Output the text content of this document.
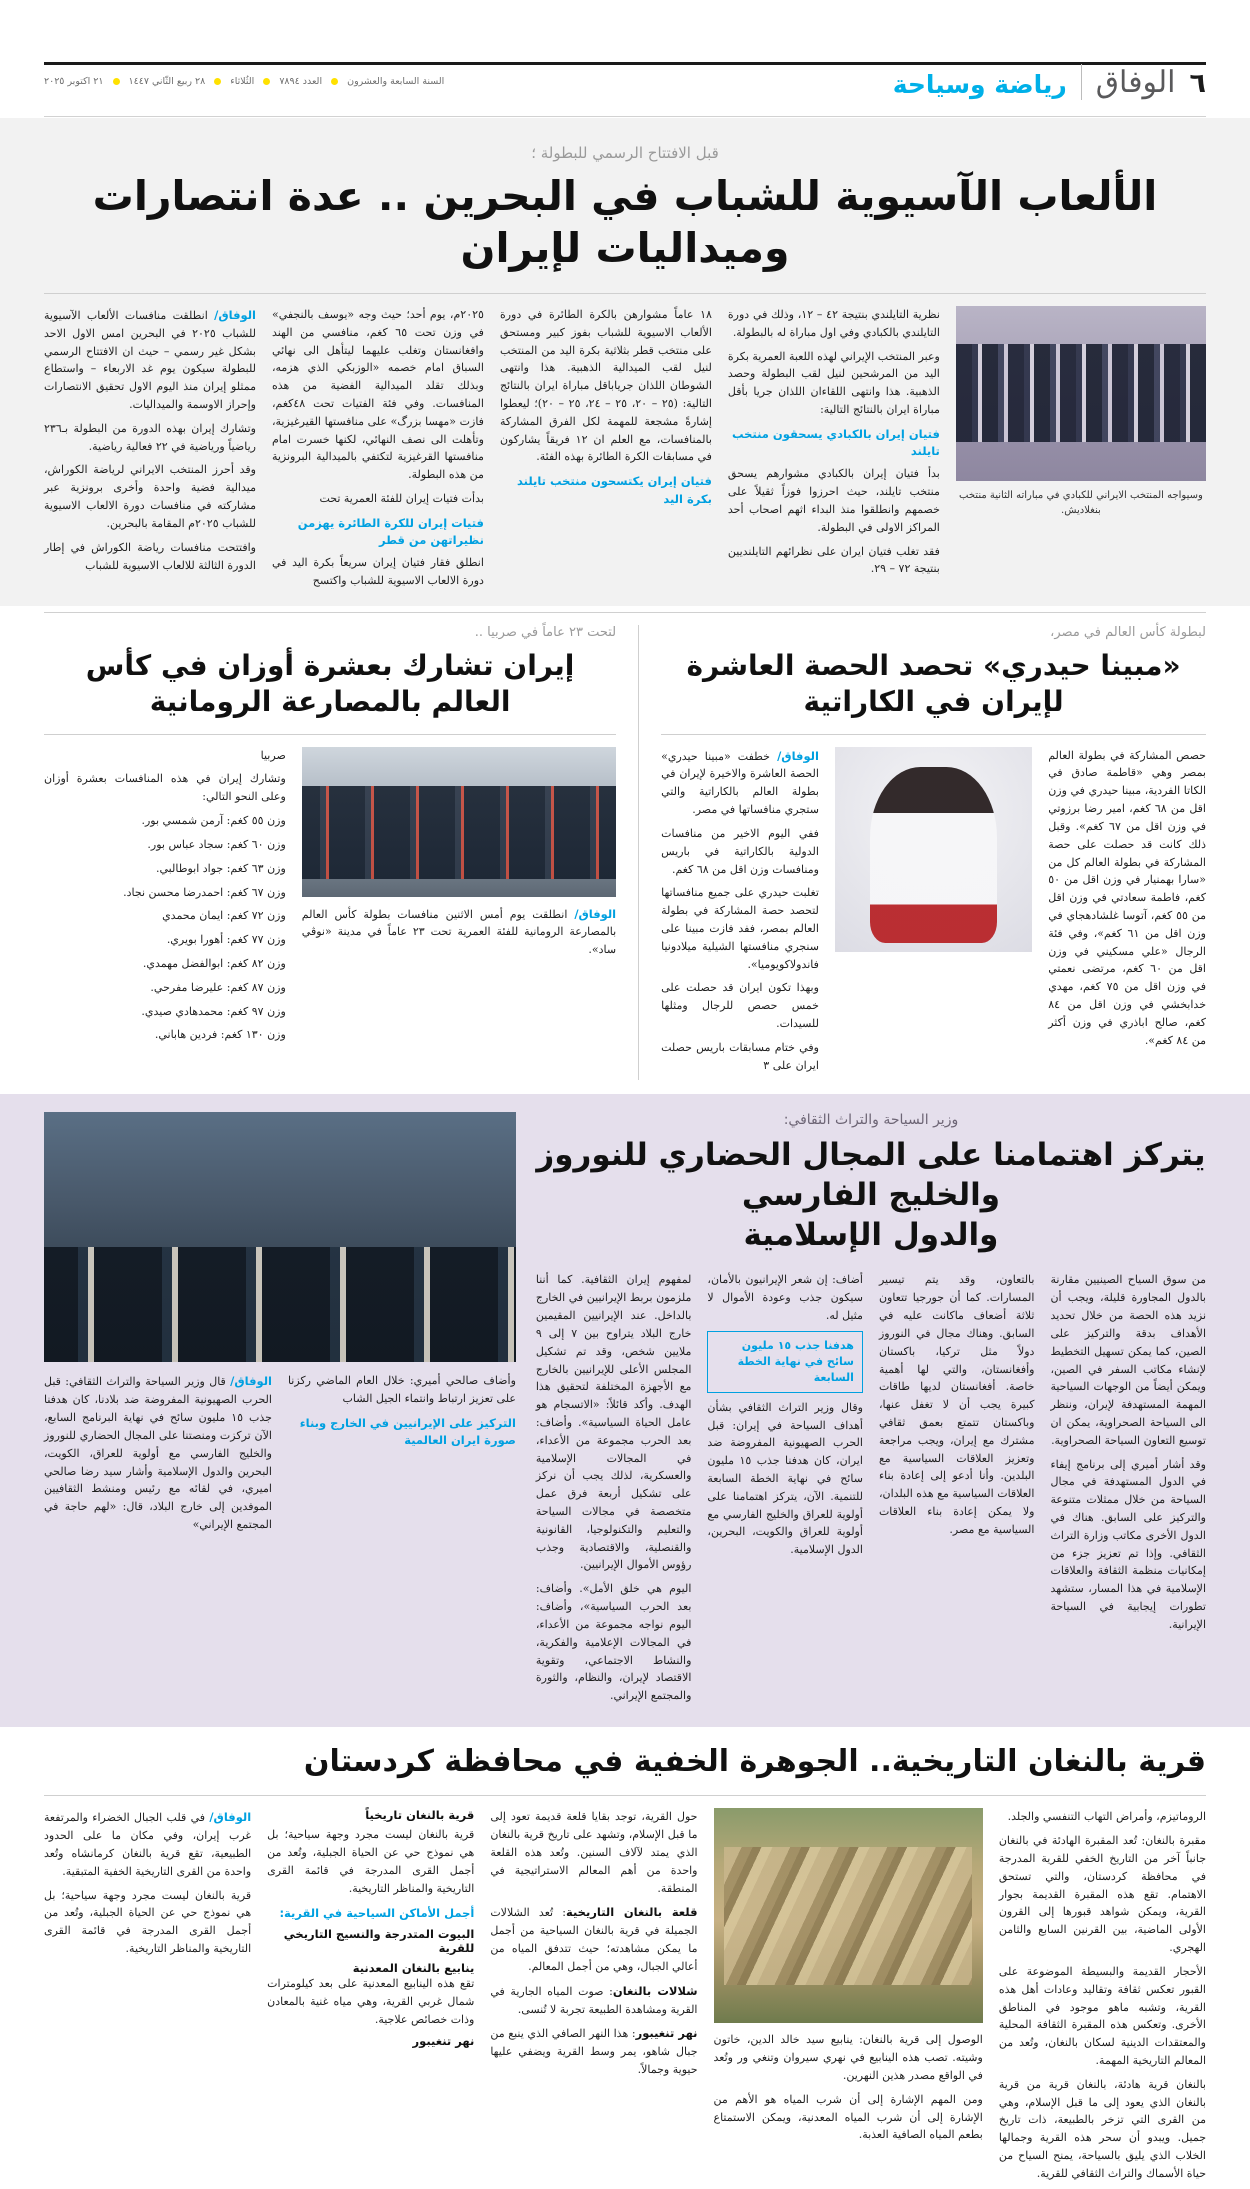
٦
الوفاق
رياضة وسياحة
السنة السابعة والعشرون
العدد ٧٨٩٤
الثُلاثاء
٢٨ ربيع الثّاني ١٤٤٧
٢١ اكتوبر ٢٠٢٥
قبل الافتتاح الرسمي للبطولة ؛
الألعاب الآسيوية للشباب في البحرين .. عدة انتصارات وميداليات لإيران
وسيواجه المنتخب الايراني للكبادي في مباراته الثانية منتخب بنغلادیش.
نظرية التايلندي بنتيجة ٤٢ – ١٢، وذلك في دورة التايلندي بالكبادي وفي اول مباراة له بالبطولة.
وعبر المنتخب الإيراني لهذه اللعبة العمرية بكرة اليد من المرشحين لنيل لقب البطولة وحصد الذهبية. هذا وانتهى اللقاءان اللذان جريا بأقل مباراة ايران بالنتائج التالية:
فتيان إيران بالكبادي يسحقون منتخب تايلند
بدأ فتيان إيران بالكبادي مشوارهم يسحق منتخب تايلند، حيث احرزوا فوزاً ثقيلاً على خصمهم وانطلقوا منذ البداء اثهم اصحاب أحد المراكز الاولى في البطولة.
فقد تغلب فتيان ايران على نظرائهم التايلنديين بنتيجة ٧٢ – ٢٩.
١٨ عاماً مشوارهن بالكرة الطائرة في دورة الألعاب الاسيوية للشباب بفوز كبير ومستحق على منتخب قطر بثلاثية بكرة اليد من المنتخب لنيل لقب الميدالية الذهبية. هذا وانتهى الشوطان اللذان جرياباقل مباراة ايران بالنتائج التالية: (٢٥ – ٢٠، ٢٥ – ٢٤، ٢٥ – ٢٠)؛ ليعطوا إشارةً مشجعة للمهمة لكل الفرق المشاركة بالمنافسات، مع العلم ان ١٢ فريقاً يشارکون في مسابقات الكرة الطائرة بهذه الفئة.
فتيان إيران يكتسحون منتخب تايلند بكرة اليد
٢٠٢٥م، يوم أحد؛ حيث وجه «يوسف بالنجفي» في وزن تحت ٦٥ كغم، منافسي من الهند وافغانستان وتغلب عليهما ليتأهل الى نهائي السباق امام خصمه «الوزبكي الذي هزمه، وبذلك تقلد الميدالية الفضية من هذه المنافسات. وفي فئة الفتيات تحت ٤٨كغم، فازت «مهسا بزرگ» على منافستها القيرغيزية، وتأهلت الى نصف النهائي، لكنها خسرت امام منافستها القرغيزية لتكتفي بالميدالية البرونزية من هذه البطولة.
بدأت فتيات إيران للفئة العمرية تحت
فتيات إيران للكرة الطائرة يهزمن نظيراتهن من قطر
انطلق فقار فتيان إيران سريعاً بكرة اليد في دورة الالعاب الاسيوية للشباب واكتسح
الوفاق/ انطلقت منافسات الألعاب الآسيوية للشباب ٢٠٢٥ في البحرين امس الاول الاحد بشكل غير رسمي – حيث ان الافتتاح الرسمي للبطولة سيكون يوم غد الاربعاء – واستطاع ممثلو إيران منذ اليوم الاول تحقيق الانتصارات وإحراز الاوسمة والميداليات.
وتشارك إيران بهذه الدورة من البطولة بـ٢٣٦ رياضياً ورياضية في ٢٢ فعالية رياضية.
وقد أحرز المنتخب الايراني لرياضة الكوراش، ميدالية فضية واحدة وأخرى برونزية عبر مشاركته في منافسات دورة الالعاب الاسيوية للشباب ٢٠٢٥م المقامة بالبحرين.
وافتتحت منافسات رياضة الكوراش في إطار الدورة الثالثة للالعاب الاسيوية للشباب
لبطولة كأس العالم في مصر،
«مبينا حيدري» تحصد الحصة العاشرة لإيران في الكاراتية
حصص المشاركة في بطولة العالم بمصر وهي «قاطمة صادق في الكاتا الفردية، مبينا حيدري في وزن اقل من ٦٨ كغم، امیر رضا برزوتي في وزن اقل من ٦٧ كغم». وقبل ذلك كانت قد حصلت على حصة المشاركة في بطولة العالم كل من «سارا بهمنيار في وزن اقل من ٥٠ كغم، فاطمة سعادتي في وزن اقل من ٥٥ كغم، آتوسا غلشادهجاي في وزن اقل من ٦١ كغم»، وفي فئة الرجال «علي مسكيني في وزن اقل من ٦٠ كغم، مرتضى نعمتي في وزن اقل من ٧٥ كغم، مهدي خدابخشي في وزن اقل من ٨٤ كغم، صالح اباذري في وزن أكثر من ٨٤ كغم».
الوفاق/ خطفت «مبينا حيدري» الحصة العاشرة والاخيرة لإيران في بطولة العالم بالكاراتية والتي ستجري منافساتها في مصر.
ففي اليوم الاخير من منافسات الدولية بالكاراتية في باريس ومنافسات وزن اقل من ٦٨ كغم.
تغلبت حيدري على جميع منافساتها لتحصد حصة المشاركة في بطولة العالم بمصر، ففد فازت مبينا على سنجري منافستها الشيلية ميلادونيا فاندولاكويوميا».
وبهذا تكون ايران قد حصلت على خمس حصص للرجال ومثلها للسيدات.
وفي ختام مسابقات باريس حصلت ايران على ٣
لتحت ٢٣ عاماً في صربيا ..
إيران تشارك بعشرة أوزان في كأس العالم بالمصارعة الرومانية
الوفاق/ انطلقت يوم أمس الاثنين منافسات بطولة كأس العالم بالمصارعة الرومانية للفئة العمرية تحت ٢٣ عاماً في مدينة «نوڤي ساد».
صربيا
وتشارك إيران في هذه المنافسات بعشرة أوزان وعلى النحو التالي:
وزن ٥٥ كغم: آرمن شمسي بور.
وزن ٦٠ كغم: سجاد عباس بور.
وزن ٦٣ كغم: جواد ابوطالبي.
وزن ٦٧ كغم: احمدرضا محسن نجاد.
وزن ٧٢ كغم: ايمان محمدي
وزن ٧٧ كغم: أهورا بويري.
وزن ٨٢ كغم: ابوالفضل مهمدي.
وزن ٨٧ كغم: علیرضا مفرحي.
وزن ٩٧ كغم: محمدهادي صیدي.
وزن ١٣٠ كغم: فردین هاباني.
وزير السياحة والتراث الثقافي:
يتركز اهتمامنا على المجال الحضاري للنوروز والخليج الفارسي
والدول الإسلامية
من سوق السياح الصينيين مقارنة بالدول المجاورة قليلة، ويجب أن نزيد هذه الحصة من خلال تحديد الأهداف بدقة والتركيز على الصين، كما يمكن تسهيل التخطيط لإنشاء مكاتب السفر في الصين، ويمكن أيضاً من الوجهات السياحية المهمة المستهدفة لإيران، وننظر الى السياحة الصحراوية، يمكن ان توسيع التعاون السياحة الصحراوية.
وقد أشار أميري إلى برنامج إيفاء في الدول المستهدفة في مجال السياحة من خلال ممثلات متنوعة والتركيز على السابق. هناك في الدول الأخرى مكاتب وزارة التراث الثقافي. وإذا تم تعزيز جزء من إمكانيات منظمة الثقافة والعلاقات الإسلامية في هذا المسار، ستشهد تطورات إيجابية في السياحة الإيرانية.
بالتعاون، وقد يتم تيسير المسارات. كما أن جورجيا تتعاون ثلاثة أضعاف ماكانت عليه في السابق. وهناك مجال في النوروز دولاً مثل تركيا، باكستان وأفغانستان، والتي لها أهمية خاصة. أفغانستان لديها طاقات كبيرة يجب أن لا تغفل عنها، وباكستان تتمتع بعمق ثقافي مشترك مع إيران، ويجب مراجعة وتعزيز العلاقات السياسية مع البلدين. وأنا أدعو إلى إعادة بناء العلاقات السياسية مع هذه البلدان، ولا يمكن إعادة بناء العلاقات السياسية مع مصر.
أضاف: إن شعر الإيرانيون بالأمان، سيكون جذب وعودة الأموال لا مثيل له.
هدفنا جذب ١٥ مليون سائح في نهاية الخطة السابعة
وقال وزير التراث الثقافي بشأن أهداف السياحة في إيران: قبل الحرب الصهيونية المفروضة ضد ايران، كان هدفنا جذب ١٥ مليون سائح في نهاية الخطة السابعة للتنمية. الآن، يتركز اهتمامنا على أولوية للعراق والخليج الفارسي مع أولوية للعراق والكويت، البحرين، الدول الإسلامية.
لمفهوم إيران الثقافية. كما أننا ملزمون بربط الإيرانيين في الخارج بالداخل. عند الإيرانيين المقيمين خارج البلاد يتراوح بين ٧ إلى ٩ ملايين شخص، وقد تم تشكيل المجلس الأعلى للإيرانيين بالخارج مع الأجهزة المختلفة لتحقيق هذا الهدف. وأكد قائلاً: «الاتسجام هو عامل الحياة السياسية». وأضاف: بعد الحرب مجموعة من الأعداء، في المجالات الإسلامية والعسكرية، لذلك يجب أن نركز على تشكيل أربعة فرق عمل متخصصة في مجالات السياحة والتعليم والتكنولوجيا، القانونية والقنصلية، والاقتصادية وجذب رؤوس الأموال الإيرانيين.
اليوم هي خلق الأمل». وأضاف: بعد الحرب السياسية»، وأضاف: اليوم نواجه مجموعة من الأعداء، في المجالات الإعلامية والفكرية، والنشاط الاجتماعي، وتقوية الاقتصاد لإيران، والنظام، والثورة والمجتمع الإيراني.
وأضاف صالحي أميري: خلال العام الماضي ركزنا على تعزيز ارتباط وانتماء الجيل الشاب
التركيز على الإيرانيين في الخارج وبناء صورة ايران العالمية
الوفاق/ قال وزير السياحة والتراث الثقافي: قبل الحرب الصهيونية المفروضة ضد بلادنا، كان هدفنا جذب ١٥ مليون سائح في نهاية البرنامج السابع، الآن تركزت ومنصتنا على المجال الحضاري للنوروز والخليج الفارسي مع أولوية للعراق، الكويت، البحرين والدول الإسلامية وأشار سيد رضا صالحي امیري، في لقائه مع رئيس ومنشط الثقافيين الموفدين إلى خارج البلاد، قال: «لهم حاجة في المجتمع الإيراني»
قرية بالنغان التاريخية.. الجوهرة الخفية في محافظة كردستان
الروماتيزم، وأمراض التهاب التنفسي والجلد.
مقبرة بالنغان: تُعد المقبرة الهادئة في بالنغان جانباً آخر من التاريخ الخفي للقرية المدرجة في محافظة كردستان، والتي تستحق الاهتمام. تقع هذه المقبرة القديمة بجوار القرية، ويمكن شواهد قبورها إلى القرون الأولى الماضية، بين القرنين السابع والثامن الهجري.
الأحجار القديمة والبسيطة الموضوعة على القبور تعكس ثقافة وتقاليد وعادات أهل هذه القرية، وتشبه ماهو موجود في المناطق الأخرى. وتعكس هذه المقبرة الثقافة المحلية والمعتقدات الدينية لسكان بالنغان، وتُعد من المعالم التاريخية المهمة.
بالنغان قرية هادئة، بالنغان قرية من قرية بالنغان الذي يعود إلى ما قبل الإسلام، وهي من القرى التي تزخر بالطبيعة، ذات تاريخ جميل. ويبدو أن سحر هذه القرية وجمالها الخلاب الذي يليق بالسياحة، يمنح السياح من حياة الأسماك والتراث الثقافي للقرية.
الوصول إلى قرية بالنغان: ينابيع سيد خالد الدين، خاتون وشيته. تصب هذه الينابيع في نهري سيروان وتنغي ور وتُعد في الواقع مصدر هذين النهرين.
ومن المهم الإشارة إلى أن شرب المياه هو الأهم من الإشارة إلى أن شرب المياه المعدنية، ويمكن الاستمتاع بطعم المياه الصافية العذبة.
حول القرية، توجد بقايا قلعة قديمة تعود إلى ما قبل الإسلام، وتشهد على تاريخ قرية بالنغان الذي يمتد لآلاف السنين. وتُعد هذه القلعة واحدة من أهم المعالم الاستراتيجية في المنطقة.
قلعة بالنغان التاريخية: تُعد الشلالات الجميلة في قرية بالنغان السياحية من أجمل ما يمكن مشاهدته؛ حيث تتدفق المياه من أعالي الجبال، وهي من أجمل المعالم.
شلالات بالنغان: صوت المياه الجارية في القرية ومشاهدة الطبيعة تجربة لا تُنسى.
نهر تنغيبور: هذا النهر الصافي الذي ينبع من جبال شاهو، يمر وسط القرية ويضفي عليها حيوية وجمالاً.
قرية بالنغان تاريخياً
قرية بالنغان ليست مجرد وجهة سياحية؛ بل هي نموذج حي عن الحياة الجبلية، وتُعد من أجمل القرى المدرجة في قائمة القرى التاريخية والمناظر التاريخية.
أجمل الأماكن السياحية في القرية:
البيوت المتدرجة والنسيج التاريخي للقرية
ينابيع بالنغان المعدنية
تقع هذه الينابيع المعدنية على بعد كيلومترات شمال غربي القرية، وهي مياه غنية بالمعادن وذات خصائص علاجية.
نهر تنغيبور
الوفاق/ في قلب الجبال الخضراء والمرتفعة غرب إيران، وفي مكان ما على الحدود الطبيعية، تقع قرية بالنغان كرمانشاه وتُعد واحدة من القرى التاريخية الخفية المتبقية.
قرية بالنغان ليست مجرد وجهة سياحية؛ بل هي نموذج حي عن الحياة الجبلية، وتُعد من أجمل القرى المدرجة في قائمة القرى التاريخية والمناظر التاريخية.
